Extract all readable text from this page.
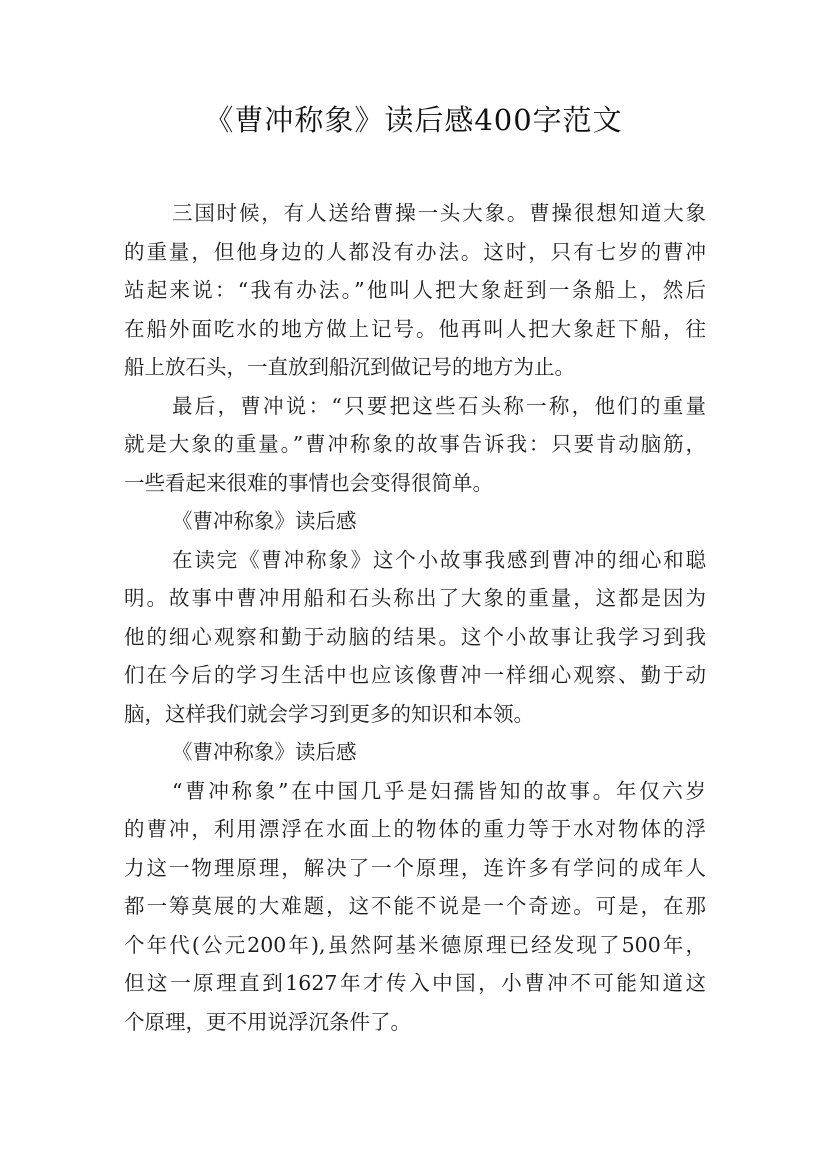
《曹冲称象》读后感400字范文
三国时候，有人送给曹操一头大象。曹操很想知道大象
的重量，但他身边的人都没有办法。这时，只有七岁的曹冲
站起来说：“我有办法。”他叫人把大象赶到一条船上，然后
在船外面吃水的地方做上记号。他再叫人把大象赶下船，往
船上放石头，一直放到船沉到做记号的地方为止。
最后，曹冲说：“只要把这些石头称一称，他们的重量
就是大象的重量。”曹冲称象的故事告诉我：只要肯动脑筋，
一些看起来很难的事情也会变得很简单。
《曹冲称象》读后感
在读完《曹冲称象》这个小故事我感到曹冲的细心和聪
明。故事中曹冲用船和石头称出了大象的重量，这都是因为
他的细心观察和勤于动脑的结果。这个小故事让我学习到我
们在今后的学习生活中也应该像曹冲一样细心观察、勤于动
脑，这样我们就会学习到更多的知识和本领。
《曹冲称象》读后感
“曹冲称象”在中国几乎是妇孺皆知的故事。年仅六岁
的曹冲，利用漂浮在水面上的物体的重力等于水对物体的浮
力这一物理原理，解决了一个原理，连许多有学问的成年人
都一筹莫展的大难题，这不能不说是一个奇迹。可是，在那
个年代(公元200年),虽然阿基米德原理已经发现了500年，
但这一原理直到1627年才传入中国，小曹冲不可能知道这
个原理，更不用说浮沉条件了。
